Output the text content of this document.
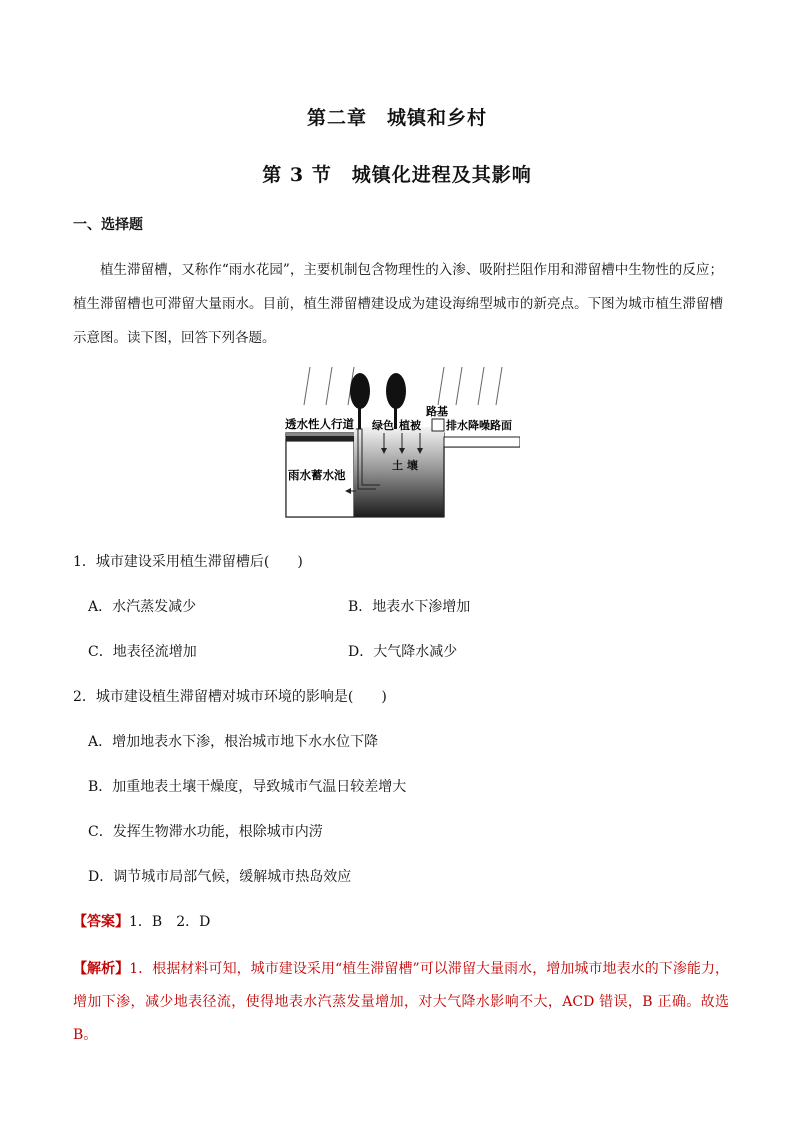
第二章　城镇和乡村
第 3 节　城镇化进程及其影响
一、选择题
植生滞留槽，又称作“雨水花园”，主要机制包含物理性的入渗、吸附拦阻作用和滞留槽中生物性的反应；植生滞留槽也可滞留大量雨水。目前，植生滞留槽建设成为建设海绵型城市的新亮点。下图为城市植生滞留槽示意图。读下图，回答下列各题。
透水性人行道 绿色 植被
路基
排水降噪路面
土 壤
雨水蓄水池
1．城市建设采用植生滞留槽后(　　)
A．水汽蒸发减少	B．地表水下渗增加
C．地表径流增加	D．大气降水减少
2．城市建设植生滞留槽对城市环境的影响是(　　)
A．增加地表水下渗，根治城市地下水水位下降
B．加重地表土壤干燥度，导致城市气温日较差增大
C．发挥生物滞水功能，根除城市内涝
D．调节城市局部气候，缓解城市热岛效应
【答案】1．B　2．D
【解析】1．根据材料可知，城市建设采用“植生滞留槽”可以滞留大量雨水，增加城市地表水的下渗能力，增加下渗，减少地表径流，使得地表水汽蒸发量增加，对大气降水影响不大，ACD 错误，B 正确。故选 B。
